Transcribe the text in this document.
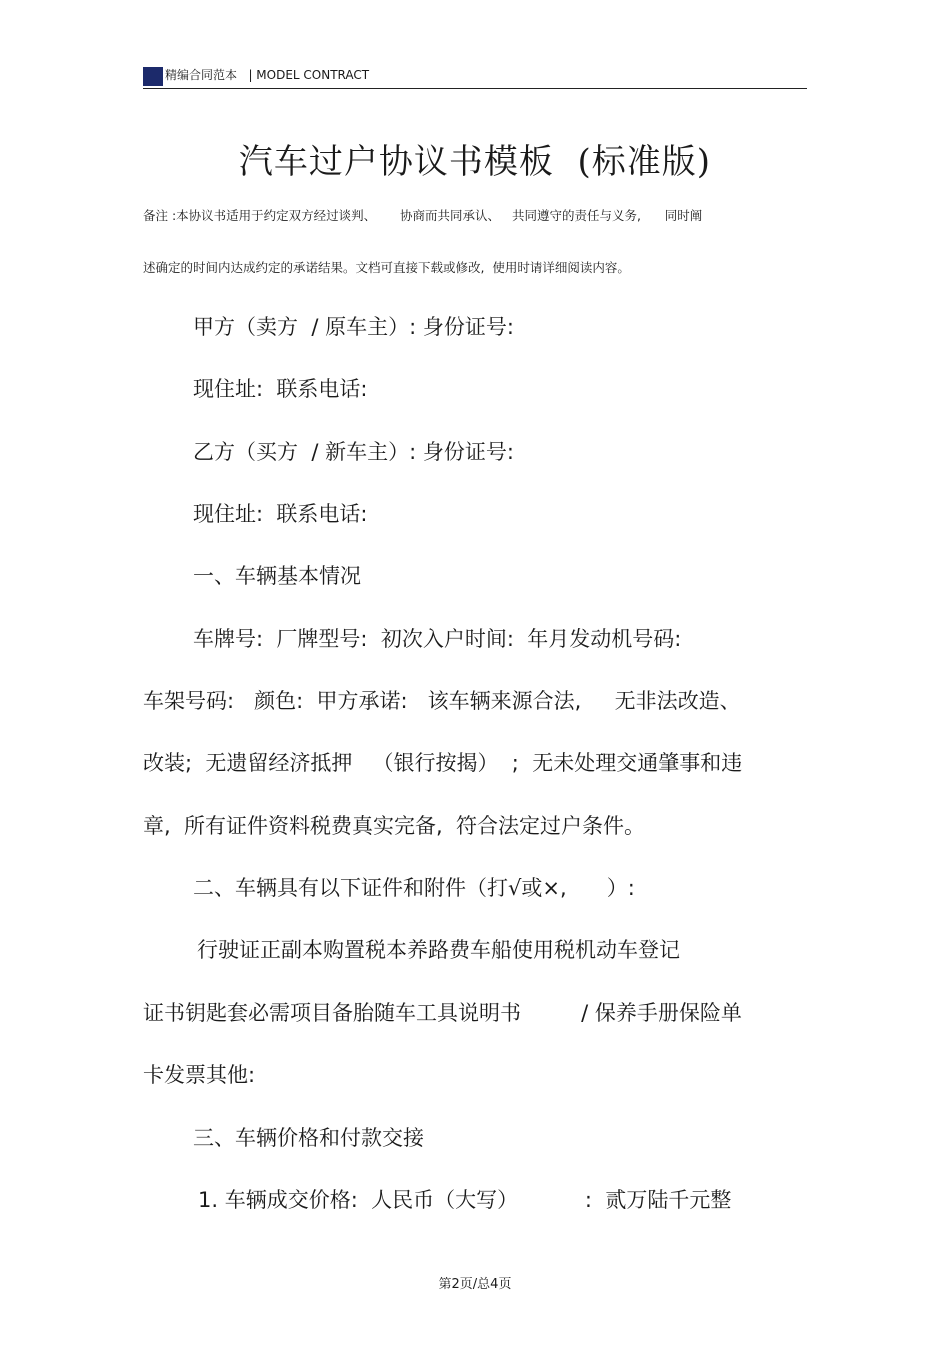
精编合同范本   | MODEL CONTRACT
汽车过户协议书模板  (标准版)
备注 :本协议书适用于约定双方经过谈判、      协商而共同承认、   共同遵守的责任与义务,      同时阐
述确定的时间内达成约定的承诺结果。文档可直接下载或修改,  使用时请详细阅读内容。
甲方（卖方  / 原车主）: 身份证号:
现住址:  联系电话:
乙方（买方  / 新车主）: 身份证号:
现住址:  联系电话:
一、车辆基本情况
车牌号:  厂牌型号:  初次入户时间:  年月发动机号码:
车架号码:   颜色:  甲方承诺:   该车辆来源合法,     无非法改造、
改装;  无遗留经济抵押   （银行按揭）  ;  无未处理交通肇事和违
章,  所有证件资料税费真实完备,  符合法定过户条件。
二、车辆具有以下证件和附件（打√或×,      ）:
行驶证正副本购置税本养路费车船使用税机动车登记
证书钥匙套必需项目备胎随车工具说明书         / 保养手册保险单
卡发票其他:
三、车辆价格和付款交接
1. 车辆成交价格:  人民币（大写）          :  贰万陆千元整
第2页/总4页
